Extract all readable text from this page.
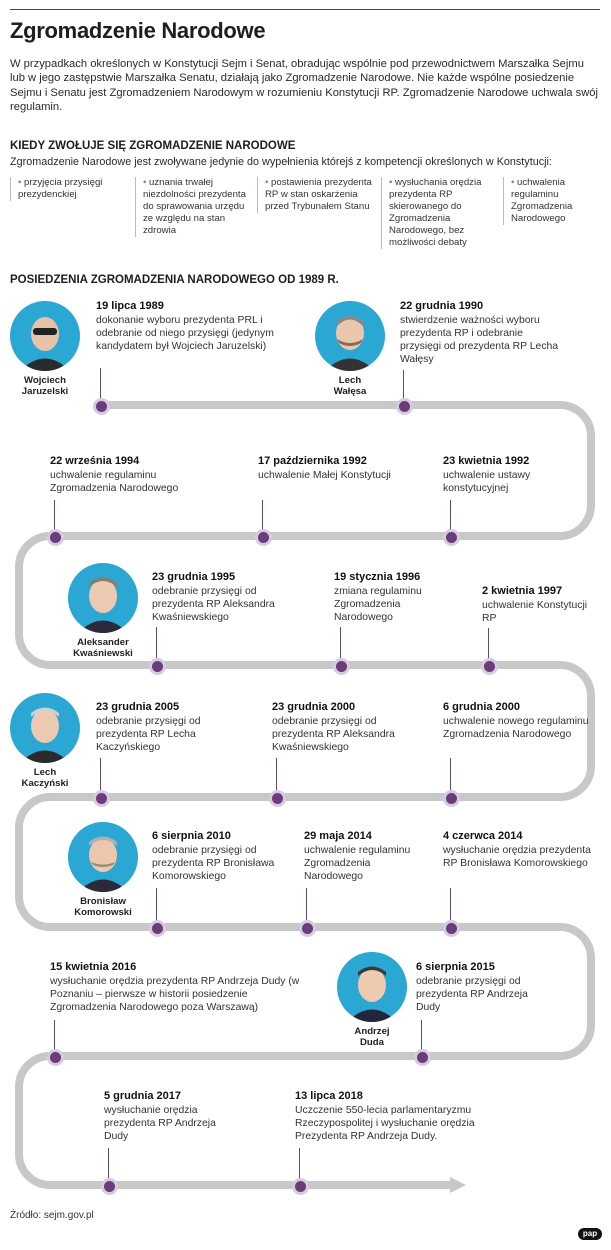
Zgromadzenie Narodowe
W przypadkach określonych w Konstytucji Sejm i Senat, obradując wspólnie pod przewodnictwem Marszałka Sejmu lub w jego zastępstwie Marszałka Senatu, działają jako Zgromadzenie Narodowe. Nie każde wspólne posiedzenie Sejmu i Senatu jest Zgromadzeniem Narodowym w rozumieniu Konstytucji RP. Zgromadzenie Narodowe uchwala swój regulamin.
KIEDY ZWOŁUJE SIĘ ZGROMADZENIE NARODOWE
Zgromadzenie Narodowe jest zwoływane jedynie do wypełnienia którejś z kompetencji określonych w Konstytucji:
• przyjęcia przysięgi prezydenckiej
• uznania trwałej niezdolności prezydenta do sprawowania urzędu ze względu na stan zdrowia
• postawienia prezydenta RP w stan oskarżenia przed Trybunałem Stanu
• wysłuchania orędzia prezydenta RP skierowanego do Zgromadzenia Narodowego, bez możliwości debaty
• uchwalenia regulaminu Zgromadzenia Narodowego
POSIEDZENIA ZGROMADZENIA NARODOWEGO OD 1989 R.
Wojciech
Jaruzelski
Lech
Wałęsa
Aleksander
Kwaśniewski
Lech
Kaczyński
Bronisław
Komorowski
Andrzej
Duda
19 lipca 1989
dokonanie wyboru prezydenta PRL i odebranie od niego przysięgi (jedynym kandydatem był Wojciech Jaruzelski)
22 grudnia 1990
stwierdzenie ważności wyboru prezydenta RP i odebranie przysięgi od prezydenta RP Lecha Wałęsy
22 września 1994
uchwalenie regulaminu Zgromadzenia Narodowego
17 października 1992
uchwalenie Małej Konstytucji
23 kwietnia 1992
uchwalenie ustawy konstytucyjnej
23 grudnia 1995
odebranie przysięgi od prezydenta RP Aleksandra Kwaśniewskiego
19 stycznia 1996
zmiana regulaminu Zgromadzenia Narodowego
2 kwietnia 1997
uchwalenie Konstytucji RP
23 grudnia 2005
odebranie przysięgi od prezydenta RP Lecha Kaczyńskiego
23 grudnia 2000
odebranie przysięgi od prezydenta RP Aleksandra Kwaśniewskiego
6 grudnia 2000
uchwalenie nowego regulaminu Zgromadzenia Narodowego
6 sierpnia 2010
odebranie przysięgi od prezydenta RP Bronisława Komorowskiego
29 maja 2014
uchwalenie regulaminu Zgromadzenia Narodowego
4 czerwca 2014
wysłuchanie orędzia prezydenta RP Bronisława Komorowskiego
15 kwietnia 2016
wysłuchanie orędzia prezydenta RP Andrzeja Dudy (w Poznaniu – pierwsze w historii posiedzenie Zgromadzenia Narodowego poza Warszawą)
6 sierpnia 2015
odebranie przysięgi od prezydenta RP Andrzeja Dudy
5 grudnia 2017
wysłuchanie orędzia prezydenta RP Andrzeja Dudy
13 lipca 2018
Uczczenie 550-lecia parlamentaryzmu Rzeczypospolitej i wysłuchanie orędzia Prezydenta RP Andrzeja Dudy.
Źródło: sejm.gov.pl
pap
